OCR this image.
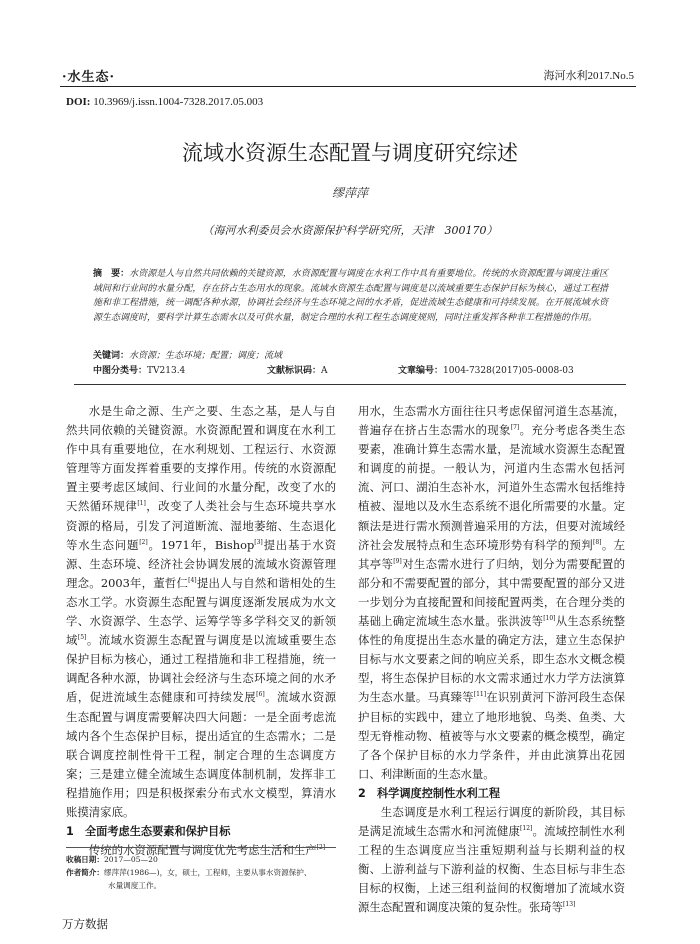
·水生态·	海河水利2017.No.5
DOI: 10.3969/j.issn.1004-7328.2017.05.003
流域水资源生态配置与调度研究综述
缪萍萍
（海河水利委员会水资源保护科学研究所，天津　300170）
摘　要：水资源是人与自然共同依赖的关键资源，水资源配置与调度在水利工作中具有重要地位。传统的水资源配置与调度注重区域间和行业间的水量分配，存在挤占生态用水的现象。流域水资源生态配置与调度是以流域重要生态保护目标为核心，通过工程措施和非工程措施，统一调配各种水源，协调社会经济与生态环境之间的水矛盾，促进流域生态健康和可持续发展。在开展流域水资源生态调度时，要科学计算生态需水以及可供水量，制定合理的水利工程生态调度规则，同时注重发挥各种非工程措施的作用。
关键词：水资源；生态环境；配置；调度；流域
中图分类号：TV213.4	文献标识码：A	文章编号：1004-7328(2017)05-0008-03

水是生命之源、生产之要、生态之基，是人与自然共同依赖的关键资源。水资源配置和调度在水利工作中具有重要地位，在水利规划、工程运行、水资源管理等方面发挥着重要的支撑作用。传统的水资源配置主要考虑区域间、行业间的水量分配，改变了水的天然循环规律[1]，改变了人类社会与生态环境共享水资源的格局，引发了河道断流、湿地萎缩、生态退化等水生态问题[2]。1971年，Bishop[3]提出基于水资源、生态环境、经济社会协调发展的流域水资源管理理念。2003年，董哲仁[4]提出人与自然和谐相处的生态水工学。水资源生态配置与调度逐渐发展成为水文学、水资源学、生态学、运筹学等多学科交叉的新领域[5]。流域水资源生态配置与调度是以流域重要生态保护目标为核心，通过工程措施和非工程措施，统一调配各种水源，协调社会经济与生态环境之间的水矛盾，促进流域生态健康和可持续发展[6]。流域水资源生态配置与调度需要解决四大问题：一是全面考虑流域内各个生态保护目标，提出适宜的生态需水；二是联合调度控制性骨干工程，制定合理的生态调度方案；三是建立健全流域生态调度体制机制，发挥非工程措施作用；四是积极探索分布式水文模型，算清水账摸清家底。

1　全面考虑生态要素和保护目标

传统的水资源配置与调度优先考虑生活和生产[2]

用水，生态需水方面往往只考虑保留河道生态基流，普遍存在挤占生态需水的现象[7]。充分考虑各类生态要素，准确计算生态需水量，是流域水资源生态配置和调度的前提。一般认为，河道内生态需水包括河流、河口、湖泊生态补水，河道外生态需水包括维持植被、湿地以及水生态系统不退化所需要的水量。定额法是进行需水预测普遍采用的方法，但要对流域经济社会发展特点和生态环境形势有科学的预判[8]。左其亭等[9]对生态需水进行了归纳，划分为需要配置的部分和不需要配置的部分，其中需要配置的部分又进一步划分为直接配置和间接配置两类，在合理分类的基础上确定流域生态水量。张洪波等[10]从生态系统整体性的角度提出生态水量的确定方法，建立生态保护目标与水文要素之间的响应关系，即生态水文概念模型，将生态保护目标的水文需求通过水力学方法演算为生态水量。马真臻等[11]在识别黄河下游河段生态保护目标的实践中，建立了地形地貌、鸟类、鱼类、大型无脊椎动物、植被等与水文要素的概念模型，确定了各个保护目标的水力学条件，并由此演算出花园口、利津断面的生态水量。

2　科学调度控制性水利工程

生态调度是水利工程运行调度的新阶段，其目标是满足流域生态需水和河流健康[12]。流域控制性水利工程的生态调度应当注重短期利益与长期利益的权衡、上游利益与下游利益的权衡、生态目标与非生态目标的权衡，上述三组利益间的权衡增加了流域水资源生态配置和调度决策的复杂性。张琦等[13]

收稿日期：2017—05—20
作者简介：缪萍萍(1986—)，女，硕士，工程师，主要从事水资源保护、
水量调度工作。
万方数据
